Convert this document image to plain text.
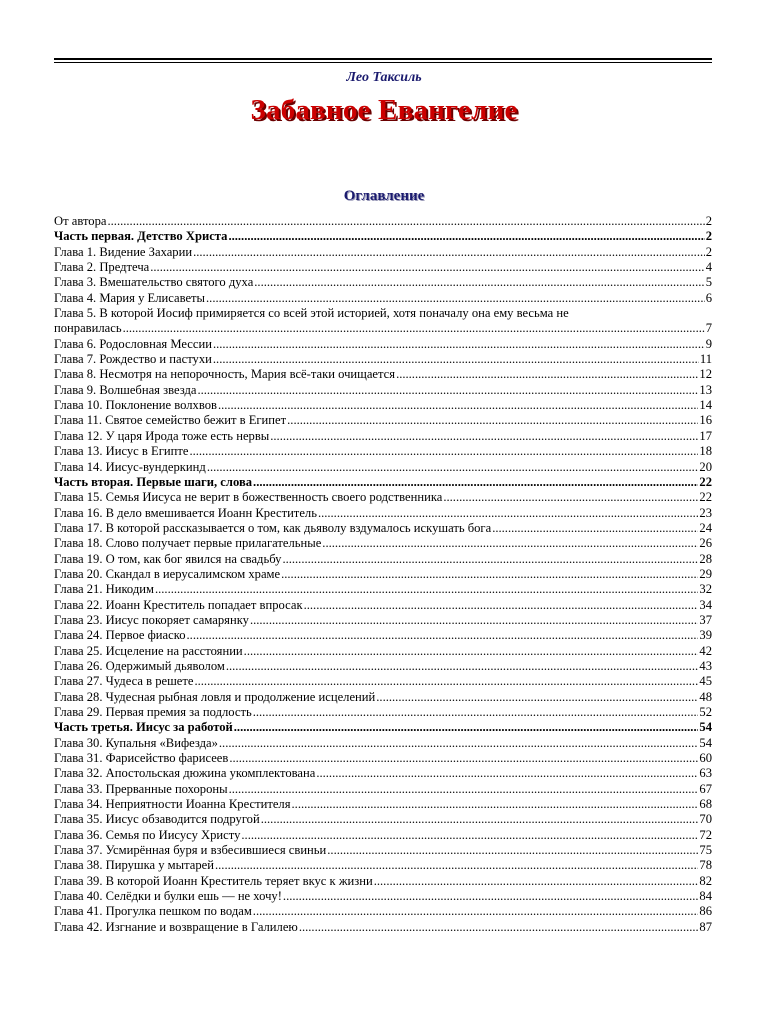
Лео Таксиль
Забавное Евангелие
Оглавление
От автора .....	2
Часть первая. Детство Христа .....	2
Глава 1. Видение Захарии .....	2
Глава 2. Предтеча .....	4
Глава 3. Вмешательство святого духа .....	5
Глава 4. Мария у Елисаветы .....	6
Глава 5. В которой Иосиф примиряется со всей этой историей, хотя поначалу она ему весьма не
понравилась .....	7
Глава 6. Родословная Мессии .....	9
Глава 7. Рождество и пастухи .....	11
Глава 8. Несмотря на непорочность, Мария всё-таки очищается .....	12
Глава 9. Волшебная звезда .....	13
Глава 10. Поклонение волхвов .....	14
Глава 11. Святое семейство бежит в Египет .....	16
Глава 12. У царя Ирода тоже есть нервы .....	17
Глава 13. Иисус в Египте .....	18
Глава 14. Иисус-вундеркинд .....	20
Часть вторая. Первые шаги, слова .....	22
Глава 15. Семья Иисуса не верит в божественность своего родственника .....	22
Глава 16. В дело вмешивается Иоанн Креститель .....	23
Глава 17. В которой рассказывается о том, как дьяволу вздумалось искушать бога .....	24
Глава 18. Слово получает первые прилагательные .....	26
Глава 19. О том, как бог явился на свадьбу .....	28
Глава 20. Скандал в иерусалимском храме .....	29
Глава 21. Никодим .....	32
Глава 22. Иоанн Креститель попадает впросак .....	34
Глава 23. Иисус покоряет самарянку .....	37
Глава 24. Первое фиаско .....	39
Глава 25. Исцеление на расстоянии .....	42
Глава 26. Одержимый дьяволом .....	43
Глава 27. Чудеса в решете .....	45
Глава 28. Чудесная рыбная ловля и продолжение исцелений .....	48
Глава 29. Первая премия за подлость .....	52
Часть третья. Иисус за работой .....	54
Глава 30. Купальня «Вифезда» .....	54
Глава 31. Фарисейство фарисеев .....	60
Глава 32. Апостольская дюжина укомплектована .....	63
Глава 33. Прерванные похороны .....	67
Глава 34. Неприятности Иоанна Крестителя .....	68
Глава 35. Иисус обзаводится подругой .....	70
Глава 36. Семья по Иисусу Христу .....	72
Глава 37. Усмирённая буря и взбесившиеся свиньи .....	75
Глава 38. Пирушка у мытарей .....	78
Глава 39. В которой Иоанн Креститель теряет вкус к жизни .....	82
Глава 40. Селёдки и булки ешь — не хочу! .....	84
Глава 41. Прогулка пешком по водам .....	86
Глава 42. Изгнание и возвращение в Галилею .....	87
